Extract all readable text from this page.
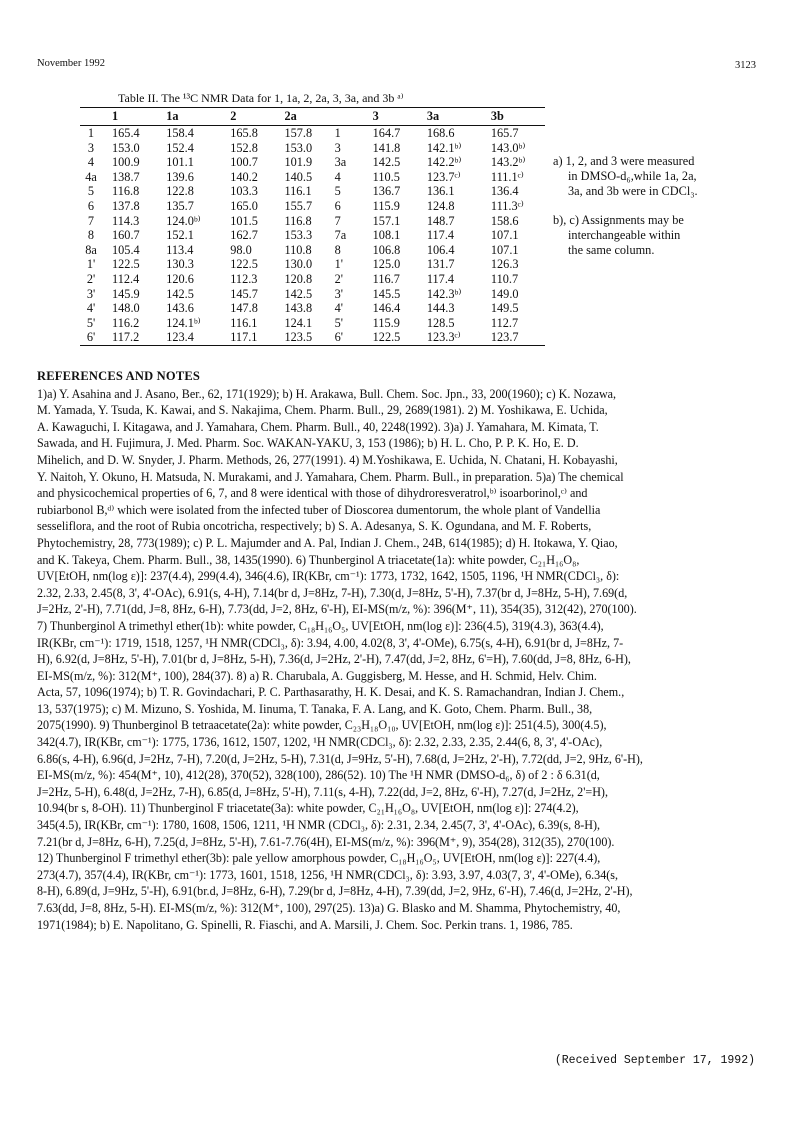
November 1992	3123
Table II. The ¹³C NMR Data for 1, 1a, 2, 2a, 3, 3a, and 3b ᵃ⁾
	1	1a	2	2a		3	3a	3b
1	165.4	158.4	165.8	157.8	1	164.7	168.6	165.7
3	153.0	152.4	152.8	153.0	3	141.8	142.1ᵇ⁾	143.0ᵇ⁾
4	100.9	101.1	100.7	101.9	3a	142.5	142.2ᵇ⁾	143.2ᵇ⁾
4a	138.7	139.6	140.2	140.5	4	110.5	123.7ᶜ⁾	111.1ᶜ⁾
5	116.8	122.8	103.3	116.1	5	136.7	136.1	136.4
6	137.8	135.7	165.0	155.7	6	115.9	124.8	111.3ᶜ⁾
7	114.3	124.0ᵇ⁾	101.5	116.8	7	157.1	148.7	158.6
8	160.7	152.1	162.7	153.3	7a	108.1	117.4	107.1
8a	105.4	113.4	98.0	110.8	8	106.8	106.4	107.1
1'	122.5	130.3	122.5	130.0	1'	125.0	131.7	126.3
2'	112.4	120.6	112.3	120.8	2'	116.7	117.4	110.7
3'	145.9	142.5	145.7	142.5	3'	145.5	142.3ᵇ⁾	149.0
4'	148.0	143.6	147.8	143.8	4'	146.4	144.3	149.5
5'	116.2	124.1ᵇ⁾	116.1	124.1	5'	115.9	128.5	112.7
6'	117.2	123.4	117.1	123.5	6'	122.5	123.3ᶜ⁾	123.7
a) 1, 2, and 3 were measured
in DMSO-d₆,while 1a, 2a,
3a, and 3b were in CDCl₃.
b), c) Assignments may be
interchangeable within
the same column.
REFERENCES AND NOTES
1)a) Y. Asahina and J. Asano, Ber., 62, 171(1929); b) H. Arakawa, Bull. Chem. Soc. Jpn., 33, 200(1960); c) K. Nozawa,
M. Yamada, Y. Tsuda, K. Kawai, and S. Nakajima, Chem. Pharm. Bull., 29, 2689(1981). 2) M. Yoshikawa, E. Uchida,
A. Kawaguchi, I. Kitagawa, and J. Yamahara, Chem. Pharm. Bull., 40, 2248(1992). 3)a) J. Yamahara, M. Kimata, T.
Sawada, and H. Fujimura, J. Med. Pharm. Soc. WAKAN-YAKU, 3, 153 (1986); b) H. L. Cho, P. P. K. Ho, E. D.
Mihelich, and D. W. Snyder, J. Pharm. Methods, 26, 277(1991). 4) M.Yoshikawa, E. Uchida, N. Chatani, H. Kobayashi,
Y. Naitoh, Y. Okuno, H. Matsuda, N. Murakami, and J. Yamahara, Chem. Pharm. Bull., in preparation. 5)a) The chemical
and physicochemical properties of 6, 7, and 8 were identical with those of dihydroresveratrol,ᵇ⁾ isoarborinol,ᶜ⁾ and
rubiarbonol B,ᵈ⁾ which were isolated from the infected tuber of Dioscorea dumentorum, the whole plant of Vandellia
sesseliflora, and the root of Rubia oncotricha, respectively; b) S. A. Adesanya, S. K. Ogundana, and M. F. Roberts,
Phytochemistry, 28, 773(1989); c) P. L. Majumder and A. Pal, Indian J. Chem., 24B, 614(1985); d) H. Itokawa, Y. Qiao,
and K. Takeya, Chem. Pharm. Bull., 38, 1435(1990). 6) Thunberginol A triacetate(1a): white powder, C₂₁H₁₆O₈,
UV[EtOH, nm(log ε)]: 237(4.4), 299(4.4), 346(4.6), IR(KBr, cm⁻¹): 1773, 1732, 1642, 1505, 1196, ¹H NMR(CDCl₃, δ):
2.32, 2.33, 2.45(8, 3', 4'-OAc), 6.91(s, 4-H), 7.14(br d, J=8Hz, 7-H), 7.30(d, J=8Hz, 5'-H), 7.37(br d, J=8Hz, 5-H), 7.69(d,
J=2Hz, 2'-H), 7.71(dd, J=8, 8Hz, 6-H), 7.73(dd, J=2, 8Hz, 6'-H), EI-MS(m/z, %): 396(M⁺, 11), 354(35), 312(42), 270(100).
7) Thunberginol A trimethyl ether(1b): white powder, C₁₈H₁₆O₅, UV[EtOH, nm(log ε)]: 236(4.5), 319(4.3), 363(4.4),
IR(KBr, cm⁻¹): 1719, 1518, 1257, ¹H NMR(CDCl₃, δ): 3.94, 4.00, 4.02(8, 3', 4'-OMe), 6.75(s, 4-H), 6.91(br d, J=8Hz, 7-
H), 6.92(d, J=8Hz, 5'-H), 7.01(br d, J=8Hz, 5-H), 7.36(d, J=2Hz, 2'-H), 7.47(dd, J=2, 8Hz, 6'=H), 7.60(dd, J=8, 8Hz, 6-H),
EI-MS(m/z, %): 312(M⁺, 100), 284(37). 8) a) R. Charubala, A. Guggisberg, M. Hesse, and H. Schmid, Helv. Chim.
Acta, 57, 1096(1974); b) T. R. Govindachari, P. C. Parthasarathy, H. K. Desai, and K. S. Ramachandran, Indian J. Chem.,
13, 537(1975); c) M. Mizuno, S. Yoshida, M. Iinuma, T. Tanaka, F. A. Lang, and K. Goto, Chem. Pharm. Bull., 38,
2075(1990). 9) Thunberginol B tetraacetate(2a): white powder, C₂₃H₁₈O₁₀, UV[EtOH, nm(log ε)]: 251(4.5), 300(4.5),
342(4.7), IR(KBr, cm⁻¹): 1775, 1736, 1612, 1507, 1202, ¹H NMR(CDCl₃, δ): 2.32, 2.33, 2.35, 2.44(6, 8, 3', 4'-OAc),
6.86(s, 4-H), 6.96(d, J=2Hz, 7-H), 7.20(d, J=2Hz, 5-H), 7.31(d, J=9Hz, 5'-H), 7.68(d, J=2Hz, 2'-H), 7.72(dd, J=2, 9Hz, 6'-H),
EI-MS(m/z, %): 454(M⁺, 10), 412(28), 370(52), 328(100), 286(52). 10) The ¹H NMR (DMSO-d₆, δ) of 2 : δ 6.31(d,
J=2Hz, 5-H), 6.48(d, J=2Hz, 7-H), 6.85(d, J=8Hz, 5'-H), 7.11(s, 4-H), 7.22(dd, J=2, 8Hz, 6'-H), 7.27(d, J=2Hz, 2'=H),
10.94(br s, 8-OH). 11) Thunberginol F triacetate(3a): white powder, C₂₁H₁₆O₈, UV[EtOH, nm(log ε)]: 274(4.2),
345(4.5), IR(KBr, cm⁻¹): 1780, 1608, 1506, 1211, ¹H NMR (CDCl₃, δ): 2.31, 2.34, 2.45(7, 3', 4'-OAc), 6.39(s, 8-H),
7.21(br d, J=8Hz, 6-H), 7.25(d, J=8Hz, 5'-H), 7.61-7.76(4H), EI-MS(m/z, %): 396(M⁺, 9), 354(28), 312(35), 270(100).
12) Thunberginol F trimethyl ether(3b): pale yellow amorphous powder, C₁₈H₁₆O₅, UV[EtOH, nm(log ε)]: 227(4.4),
273(4.7), 357(4.4), IR(KBr, cm⁻¹): 1773, 1601, 1518, 1256, ¹H NMR(CDCl₃, δ): 3.93, 3.97, 4.03(7, 3', 4'-OMe), 6.34(s,
8-H), 6.89(d, J=9Hz, 5'-H), 6.91(br.d, J=8Hz, 6-H), 7.29(br d, J=8Hz, 4-H), 7.39(dd, J=2, 9Hz, 6'-H), 7.46(d, J=2Hz, 2'-H),
7.63(dd, J=8, 8Hz, 5-H). EI-MS(m/z, %): 312(M⁺, 100), 297(25). 13)a) G. Blasko and M. Shamma, Phytochemistry, 40,
1971(1984); b) E. Napolitano, G. Spinelli, R. Fiaschi, and A. Marsili, J. Chem. Soc. Perkin trans. 1, 1986, 785.
(Received September 17, 1992)
